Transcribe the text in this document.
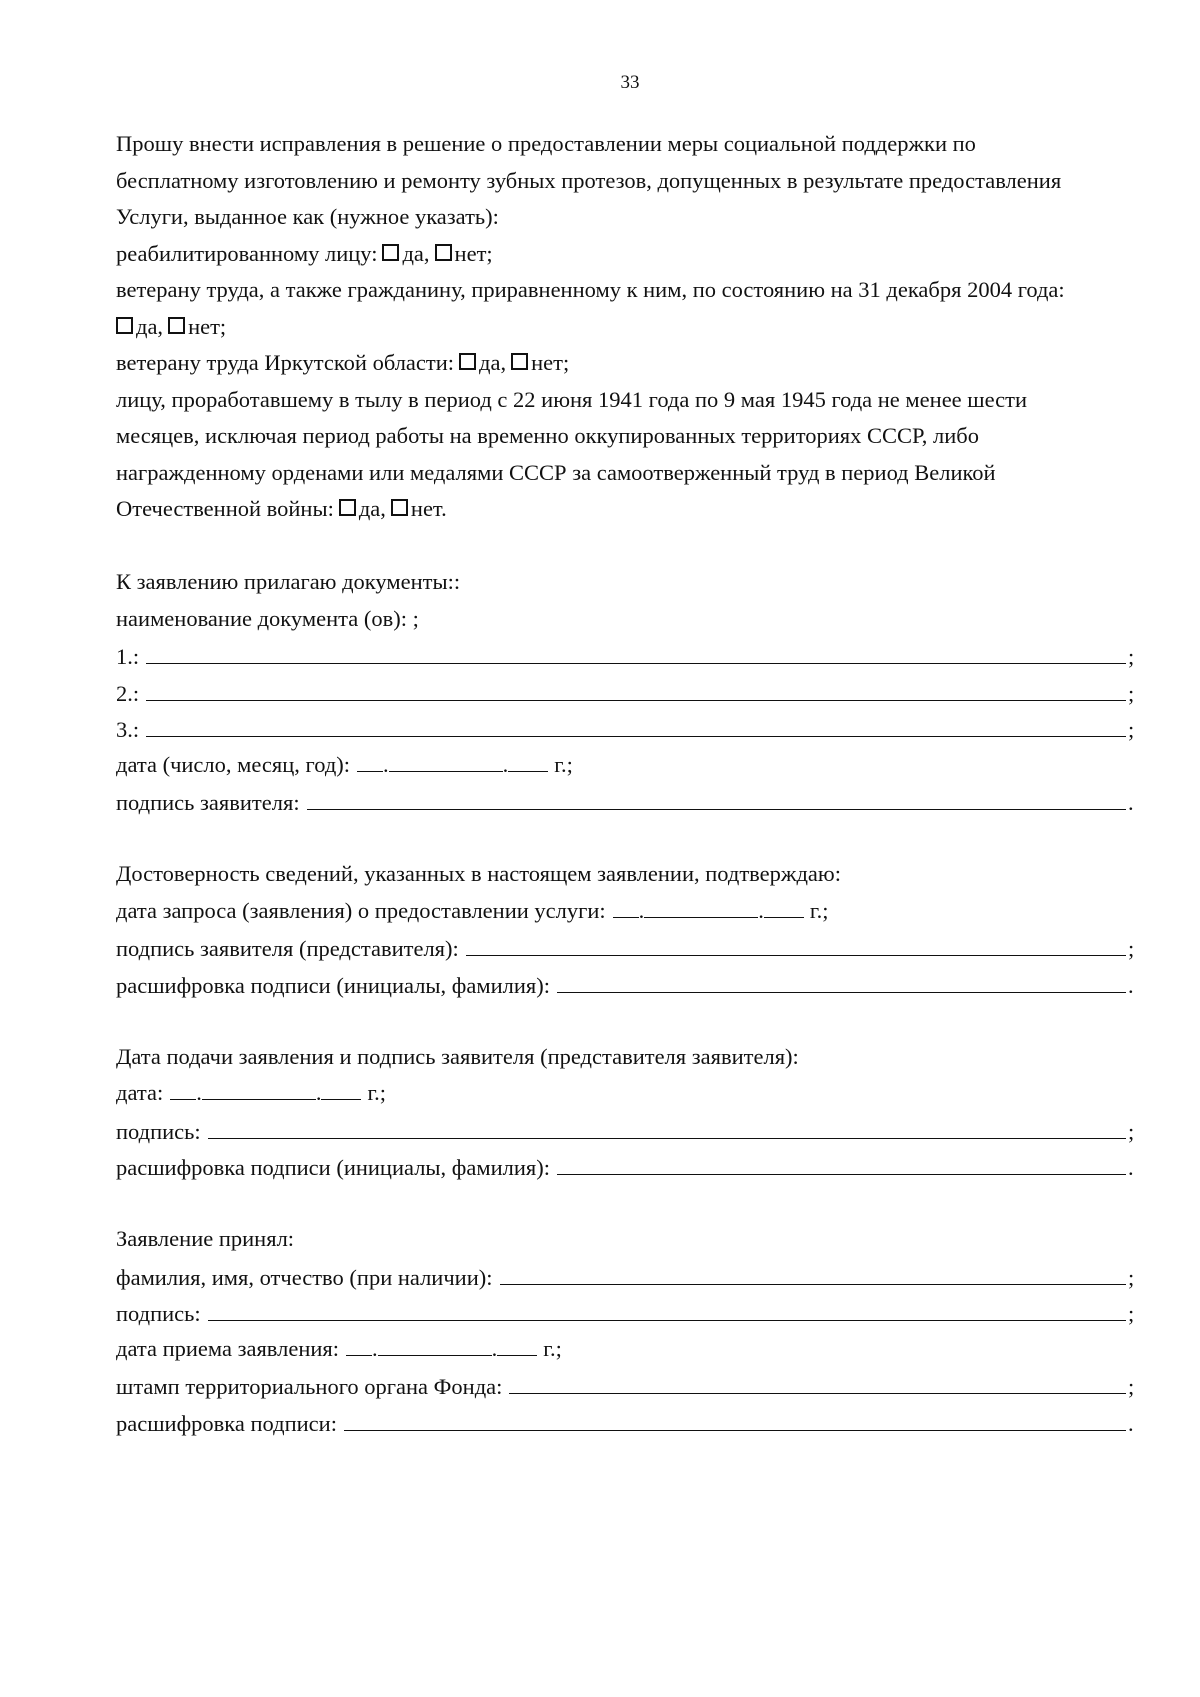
33
Прошу внести исправления в решение о предоставлении меры социальной поддержки по
бесплатному изготовлению и ремонту зубных протезов, допущенных в результате предоставления
Услуги, выданное как (нужное указать):
реабилитированному лицу: да, нет;
ветерану труда, а также гражданину, приравненному к ним, по состоянию на 31 декабря 2004 года:
да, нет;
ветерану труда Иркутской области: да, нет;
лицу, проработавшему в тылу в период с 22 июня 1941 года по 9 мая 1945 года не менее шести
месяцев, исключая период работы на временно оккупированных территориях СССР, либо
награжденному орденами или медалями СССР за самоотверженный труд в период Великой
Отечественной войны: да, нет.
К заявлению прилагаю документы::
наименование документа (ов): ;
1.:	;
2.:	;
3.:	;
дата (число, месяц, год): .	. г.;
подпись заявителя:	.
Достоверность сведений, указанных в настоящем заявлении, подтверждаю:
дата запроса (заявления) о предоставлении услуги: .	. г.;
подпись заявителя (представителя):	;
расшифровка подписи (инициалы, фамилия):	.
Дата подачи заявления и подпись заявителя (представителя заявителя):
дата: .	. г.;
подпись:	;
расшифровка подписи (инициалы, фамилия):	.
Заявление принял:
фамилия, имя, отчество (при наличии):	;
подпись:	;
дата приема заявления: .	. г.;
штамп территориального органа Фонда:	;
расшифровка подписи:	.
